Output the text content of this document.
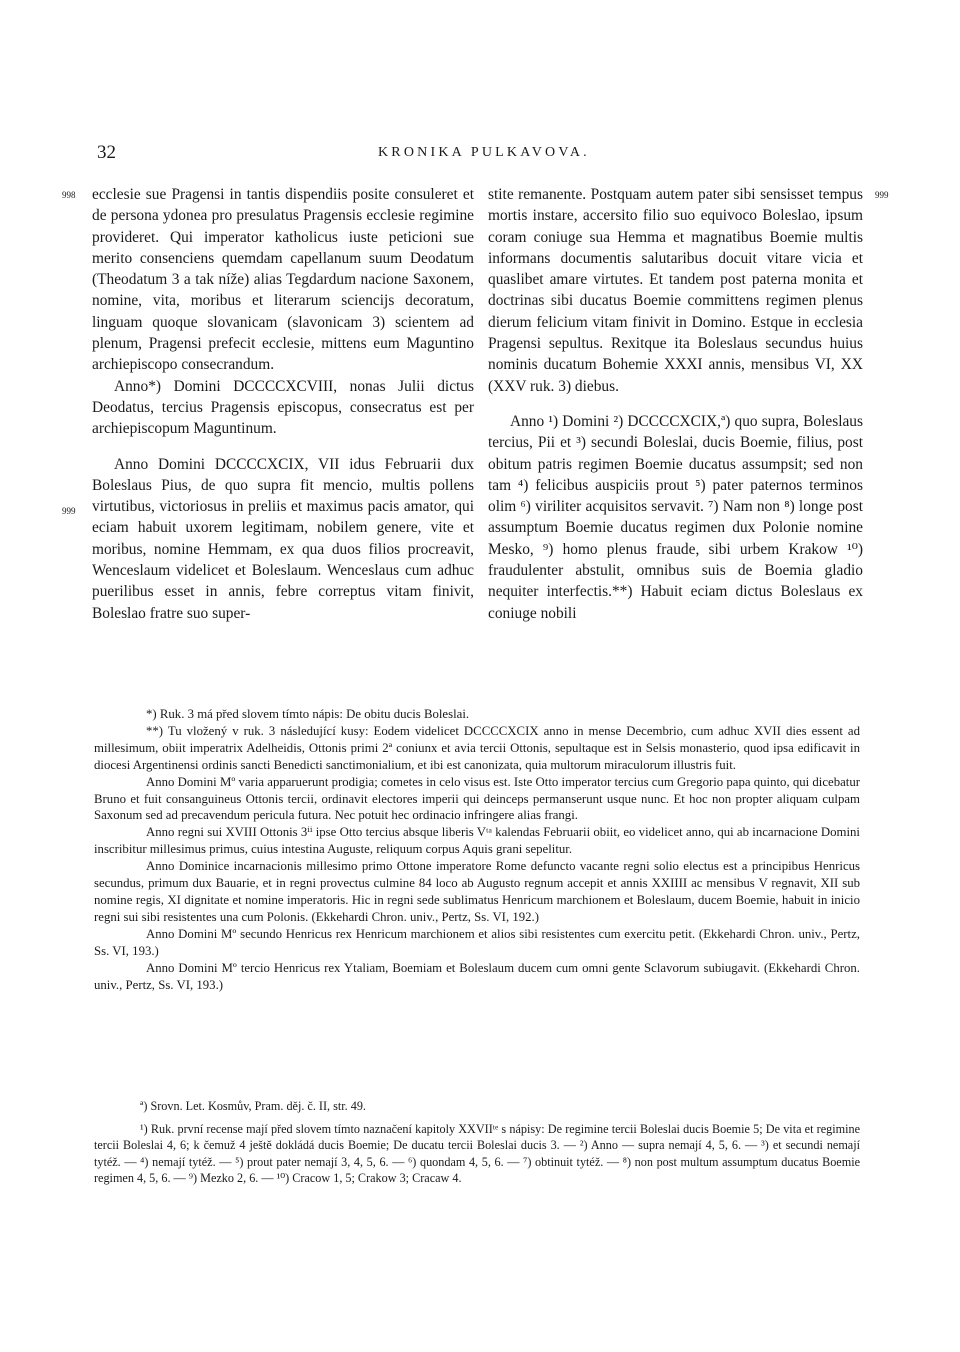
32	KRONIKA PULKAVOVA.
998
999
999

ecclesie sue Pragensi in tantis dispendiis posite consuleret et de persona ydonea pro presulatus Pragensis ecclesie regimine provideret. Qui imperator katholicus iuste peticioni sue merito consenciens quemdam capellanum suum Deodatum (Theodatum 3 a tak níže) alias Tegdardum nacione Saxonem, nomine, vita, moribus et literarum sciencijs decoratum, linguam quoque slovanicam (slavonicam 3) scientem ad plenum, Pragensi prefecit ecclesie, mittens eum Maguntino archiepiscopo consecrandum.

Anno*) Domini DCCCCXCVIII, nonas Julii dictus Deodatus, tercius Pragensis episcopus, consecratus est per archiepiscopum Maguntinum.

Anno Domini DCCCCXCIX, VII idus Februarii dux Boleslaus Pius, de quo supra fit mencio, multis pollens virtutibus, victoriosus in preliis et maximus pacis amator, qui eciam habuit uxorem legitimam, nobilem genere, vite et moribus, nomine Hemmam, ex qua duos filios procreavit, Wenceslaum videlicet et Boleslaum. Wenceslaus cum adhuc puerilibus esset in annis, febre correptus vitam finivit, Boleslao fratre suo super-

stite remanente. Postquam autem pater sibi sensisset tempus mortis instare, accersito filio suo equivoco Boleslao, ipsum coram coniuge sua Hemma et magnatibus Boemie multis informans documentis salutaribus docuit vitare vicia et quaslibet amare virtutes. Et tandem post paterna monita et doctrinas sibi ducatus Boemie committens regimen plenus dierum felicium vitam finivit in Domino. Estque in ecclesia Pragensi sepultus. Rexitque ita Boleslaus secundus huius nominis ducatum Bohemie XXXI annis, mensibus VI, XX (XXV ruk. 3) diebus.

Anno ¹) Domini ²) DCCCCXCIX,ª) quo supra, Boleslaus tercius, Pii et ³) secundi Boleslai, ducis Boemie, filius, post obitum patris regimen Boemie ducatus assumpsit; sed non tam ⁴) felicibus auspiciis prout ⁵) pater paternos terminos olim ⁶) viriliter acquisitos servavit. ⁷) Nam non ⁸) longe post assumptum Boemie ducatus regimen dux Polonie nomine Mesko, ⁹) homo plenus fraude, sibi urbem Krakow ¹⁰) fraudulenter abstulit, omnibus suis de Boemia gladio nequiter interfectis.**) Habuit eciam dictus Boleslaus ex coniuge nobili

*) Ruk. 3 má před slovem tímto nápis: De obitu ducis Boleslai.

**) Tu vložený v ruk. 3 následující kusy: Eodem videlicet DCCCCXCIX anno in mense Decembrio, cum adhuc XVII dies essent ad millesimum, obiit imperatrix Adelheidis, Ottonis primi 2ª coniunx et avia tercii Ottonis, sepultaque est in Selsis monasterio, quod ipsa edificavit in diocesi Argentinensi ordinis sancti Benedicti sanctimonialium, et ibi est canonizata, quia multorum miraculorum illustris fuit.

Anno Domini Mº varia apparuerunt prodigia; cometes in celo visus est. Iste Otto imperator tercius cum Gregorio papa quinto, qui dicebatur Bruno et fuit consanguineus Ottonis tercii, ordinavit electores imperii qui deinceps permanserunt usque nunc. Et hoc non propter aliquam culpam Saxonum sed ad precavendum pericula futura. Nec potuit hec ordinacio infringere alias frangi.

Anno regni sui XVIII Ottonis 3ⁱⁱ ipse Otto tercius absque liberis Vᵗᵃ kalendas Februarii obiit, eo videlicet anno, qui ab incarnacione Domini inscribitur millesimus primus, cuius intestina Auguste, reliquum corpus Aquis grani sepelitur.

Anno Dominice incarnacionis millesimo primo Ottone imperatore Rome defuncto vacante regni solio electus est a principibus Henricus secundus, primum dux Bauarie, et in regni provectus culmine 84 loco ab Augusto regnum accepit et annis XXIIII ac mensibus V regnavit, XII sub nomine regis, XI dignitate et nomine imperatoris. Hic in regni sede sublimatus Henricum marchionem et Boleslaum, ducem Boemie, habuit in inicio regni sui sibi resistentes una cum Polonis. (Ekkehardi Chron. univ., Pertz, Ss. VI, 192.)

Anno Domini Mº secundo Henricus rex Henricum marchionem et alios sibi resistentes cum exercitu petit. (Ekkehardi Chron. univ., Pertz, Ss. VI, 193.)

Anno Domini Mº tercio Henricus rex Ytaliam, Boemiam et Boleslaum ducem cum omni gente Sclavorum subiugavit. (Ekkehardi Chron. univ., Pertz, Ss. VI, 193.)

ª) Srovn. Let. Kosmův, Pram. děj. č. II, str. 49.

¹) Ruk. první recense mají před slovem tímto naznačení kapitoly XXVIIᵗᵉ s nápisy: De regimine tercii Boleslai ducis Boemie 5; De vita et regimine tercii Boleslai 4, 6; k čemuž 4 ještě dokládá ducis Boemie; De ducatu tercii Boleslai ducis 3. — ²) Anno — supra nemají 4, 5, 6. — ³) et secundi nemají tytéž. — ⁴) nemají tytéž. — ⁵) prout pater nemají 3, 4, 5, 6. — ⁶) quondam 4, 5, 6. — ⁷) obtinuit tytéž. — ⁸) non post multum assumptum ducatus Boemie regimen 4, 5, 6. — ⁹) Mezko 2, 6. — ¹⁰) Cracow 1, 5; Crakow 3; Cracaw 4.
